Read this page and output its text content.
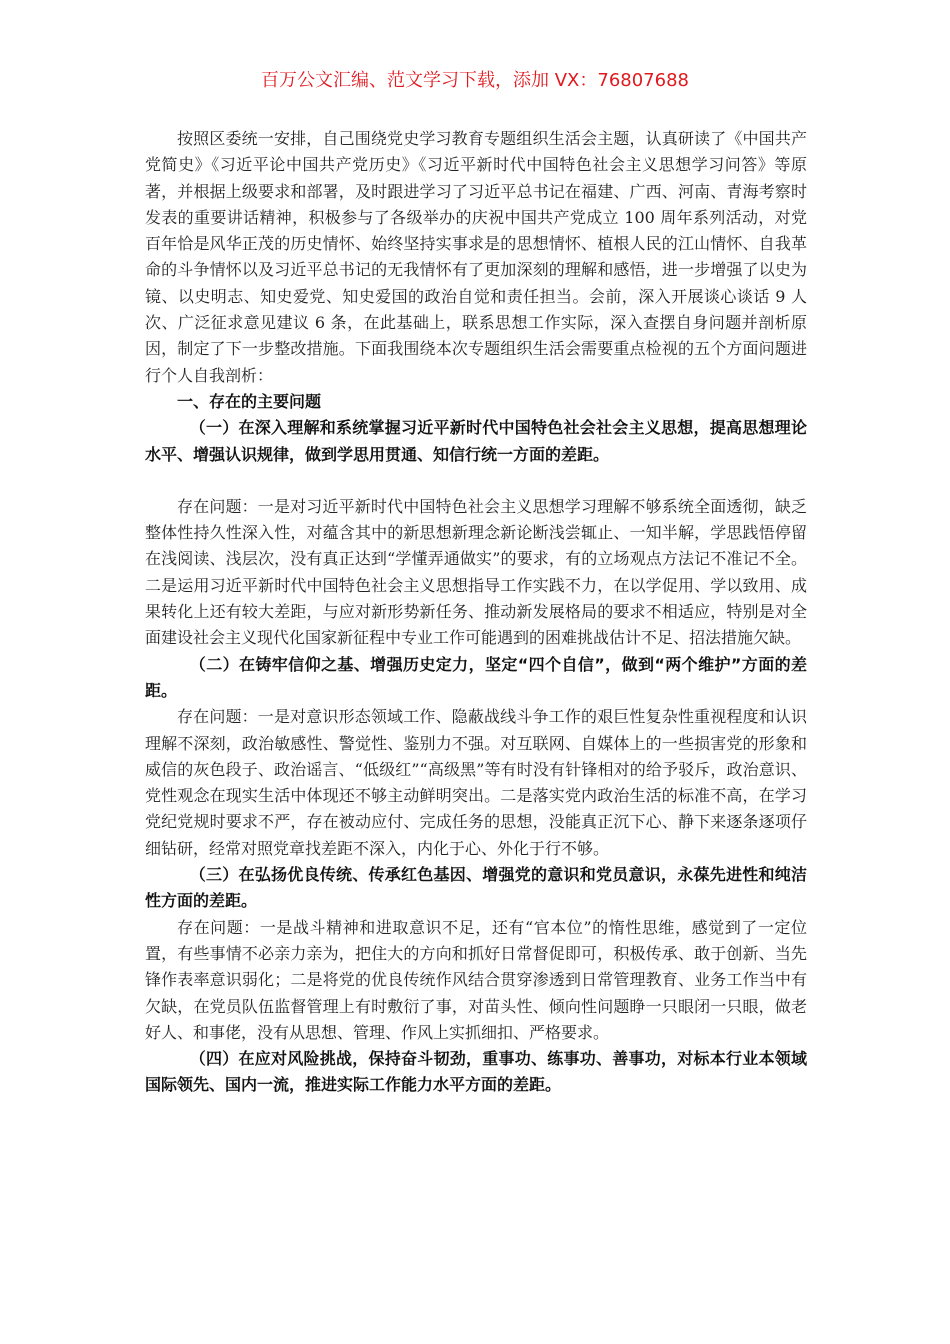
百万公文汇编、范文学习下载，添加 VX：76807688

按照区委统一安排，自己围绕党史学习教育专题组织生活会主题，认真研读了《中国共产党简史》《习近平论中国共产党历史》《习近平新时代中国特色社会主义思想学习问答》等原著，并根据上级要求和部署，及时跟进学习了习近平总书记在福建、广西、河南、青海考察时发表的重要讲话精神，积极参与了各级举办的庆祝中国共产党成立 100 周年系列活动，对党百年恰是风华正茂的历史情怀、始终坚持实事求是的思想情怀、植根人民的江山情怀、自我革命的斗争情怀以及习近平总书记的无我情怀有了更加深刻的理解和感悟，进一步增强了以史为镜、以史明志、知史爱党、知史爱国的政治自觉和责任担当。会前，深入开展谈心谈话 9 人次、广泛征求意见建议 6 条，在此基础上，联系思想工作实际，深入查摆自身问题并剖析原因，制定了下一步整改措施。下面我围绕本次专题组织生活会需要重点检视的五个方面问题进行个人自我剖析：

一、存在的主要问题

（一）在深入理解和系统掌握习近平新时代中国特色社会社会主义思想，提高思想理论水平、增强认识规律，做到学思用贯通、知信行统一方面的差距。

存在问题：一是对习近平新时代中国特色社会主义思想学习理解不够系统全面透彻，缺乏整体性持久性深入性，对蕴含其中的新思想新理念新论断浅尝辄止、一知半解，学思践悟停留在浅阅读、浅层次，没有真正达到“学懂弄通做实”的要求，有的立场观点方法记不准记不全。二是运用习近平新时代中国特色社会主义思想指导工作实践不力，在以学促用、学以致用、成果转化上还有较大差距，与应对新形势新任务、推动新发展格局的要求不相适应，特别是对全面建设社会主义现代化国家新征程中专业工作可能遇到的困难挑战估计不足、招法措施欠缺。

（二）在铸牢信仰之基、增强历史定力，坚定“四个自信”，做到“两个维护”方面的差距。

存在问题：一是对意识形态领域工作、隐蔽战线斗争工作的艰巨性复杂性重视程度和认识理解不深刻，政治敏感性、警觉性、鉴别力不强。对互联网、自媒体上的一些损害党的形象和威信的灰色段子、政治谣言、“低级红”“高级黑”等有时没有针锋相对的给予驳斥，政治意识、党性观念在现实生活中体现还不够主动鲜明突出。二是落实党内政治生活的标准不高，在学习党纪党规时要求不严，存在被动应付、完成任务的思想，没能真正沉下心、静下来逐条逐项仔细钻研，经常对照党章找差距不深入，内化于心、外化于行不够。

（三）在弘扬优良传统、传承红色基因、增强党的意识和党员意识，永葆先进性和纯洁性方面的差距。

存在问题：一是战斗精神和进取意识不足，还有“官本位”的惰性思维，感觉到了一定位置，有些事情不必亲力亲为，把住大的方向和抓好日常督促即可，积极传承、敢于创新、当先锋作表率意识弱化；二是将党的优良传统作风结合贯穿渗透到日常管理教育、业务工作当中有欠缺，在党员队伍监督管理上有时敷衍了事，对苗头性、倾向性问题睁一只眼闭一只眼，做老好人、和事佬，没有从思想、管理、作风上实抓细扣、严格要求。

（四）在应对风险挑战，保持奋斗韧劲，重事功、练事功、善事功，对标本行业本领域国际领先、国内一流，推进实际工作能力水平方面的差距。
